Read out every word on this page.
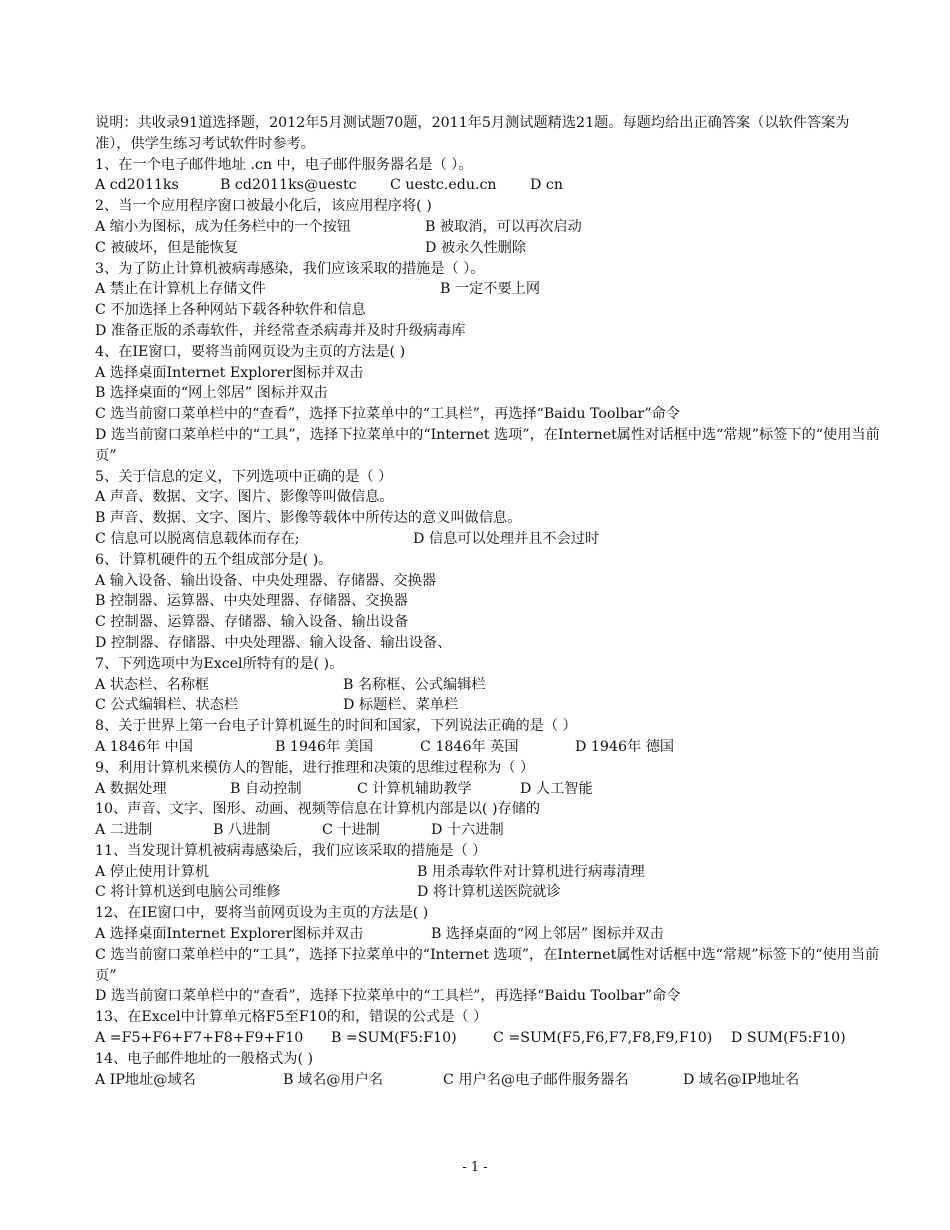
说明：共收录91道选择题，2012年5月测试题70题，2011年5月测试题精选21题。每题均给出正确答案（以软件答案为准），供学生练习考试软件时参考。
1、在一个电子邮件地址 .cn 中，电子邮件服务器名是（ ）。
A cd2011ks	B cd2011ks@uestc C uestc.edu.cn D cn
2、当一个应用程序窗口被最小化后，该应用程序将( )
A 缩小为图标，成为任务栏中的一个按钮	B 被取消，可以再次启动
C 被破坏，但是能恢复	D 被永久性删除
3、为了防止计算机被病毒感染，我们应该采取的措施是（ ）。
A 禁止在计算机上存储文件	B 一定不要上网
C 不加选择上各种网站下载各种软件和信息
D 准备正版的杀毒软件，并经常查杀病毒并及时升级病毒库
4、在IE窗口，要将当前网页设为主页的方法是( )
A 选择桌面Internet Explorer图标并双击
B 选择桌面的“网上邻居” 图标并双击
C 选当前窗口菜单栏中的“查看”，选择下拉菜单中的“工具栏”，再选择“Baidu Toolbar”命令
D 选当前窗口菜单栏中的“工具”，选择下拉菜单中的“Internet 选项”，在Internet属性对话框中选“常规”标签下的“使用当前页”
5、关于信息的定义，下列选项中正确的是（ ）
A 声音、数据、文字、图片、影像等叫做信息。
B 声音、数据、文字、图片、影像等载体中所传达的意义叫做信息。
C 信息可以脱离信息载体而存在;	D 信息可以处理并且不会过时
6、计算机硬件的五个组成部分是( )。
A 输入设备、输出设备、中央处理器、存储器、交换器
B 控制器、运算器、中央处理器、存储器、交换器
C 控制器、运算器、存储器、输入设备、输出设备
D 控制器、存储器、中央处理器、输入设备、输出设备、
7、下列选项中为Excel所特有的是( )。
A 状态栏、名称框	B 名称框、公式编辑栏
C 公式编辑栏、状态栏	D 标题栏、菜单栏
8、关于世界上第一台电子计算机诞生的时间和国家，下列说法正确的是（ ）
A 1846年 中国	B 1946年 美国	C 1846年 英国	D 1946年 德国
9、利用计算机来模仿人的智能，进行推理和决策的思维过程称为（ ）
A 数据处理	B 自动控制	C 计算机辅助教学	D 人工智能
10、声音、文字、图形、动画、视频等信息在计算机内部是以( )存储的
A 二进制	B 八进制	C 十进制	D 十六进制
11、当发现计算机被病毒感染后，我们应该采取的措施是（ ）
A 停止使用计算机	B 用杀毒软件对计算机进行病毒清理
C 将计算机送到电脑公司维修	D 将计算机送医院就诊
12、在IE窗口中，要将当前网页设为主页的方法是( )
A 选择桌面Internet Explorer图标并双击	B 选择桌面的“网上邻居” 图标并双击
C 选当前窗口菜单栏中的“工具”，选择下拉菜单中的“Internet 选项”，在Internet属性对话框中选“常规”标签下的“使用当前页”
D 选当前窗口菜单栏中的“查看”，选择下拉菜单中的“工具栏”，再选择“Baidu Toolbar”命令
13、在Excel中计算单元格F5至F10的和，错误的公式是（ ）
A =F5+F6+F7+F8+F9+F10 B =SUM(F5:F10)	C =SUM(F5,F6,F7,F8,F9,F10) D SUM(F5:F10)
14、电子邮件地址的一般格式为( )
A IP地址@域名	B 域名@用户名	C 用户名@电子邮件服务器名	D 域名@IP地址名
- 1 -
